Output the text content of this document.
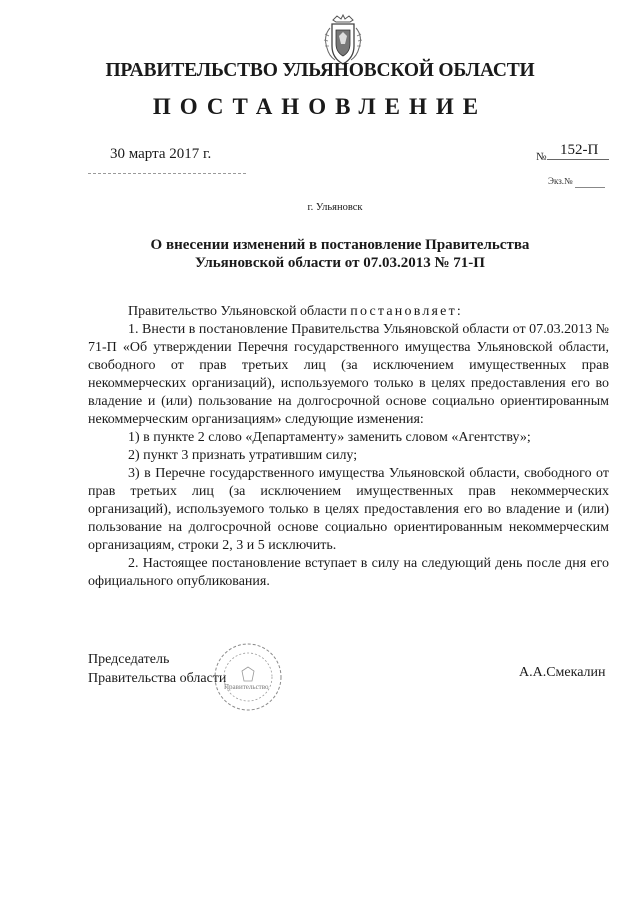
ПРАВИТЕЛЬСТВО УЛЬЯНОВСКОЙ ОБЛАСТИ
ПОСТАНОВЛЕНИЕ
30 марта 2017 г.	№ 152-П
Экз.№
г. Ульяновск
О внесении изменений в постановление Правительства
Ульяновской области от 07.03.2013 № 71-П

Правительство Ульяновской области постановляет:

1. Внести в постановление Правительства Ульяновской области от 07.03.2013 № 71-П «Об утверждении Перечня государственного имущества Ульяновской области, свободного от прав третьих лиц (за исключением имущественных прав некоммерческих организаций), используемого только в целях предоставления его во владение и (или) пользование на долгосрочной основе социально ориентированным некоммерческим организациям» следующие изменения:

1) в пункте 2 слово «Департаменту» заменить словом «Агентству»;

2) пункт 3 признать утратившим силу;

3) в Перечне государственного имущества Ульяновской области, свободного от прав третьих лиц (за исключением имущественных прав некоммерческих организаций), используемого только в целях предоставления его во владение и (или) пользование на долгосрочной основе социально ориентированным некоммерческим организациям, строки 2, 3 и 5 исключить.

2. Настоящее постановление вступает в силу на следующий день после дня его официального опубликования.

Председатель
Правительства области
Правительство
А.А.Смекалин
